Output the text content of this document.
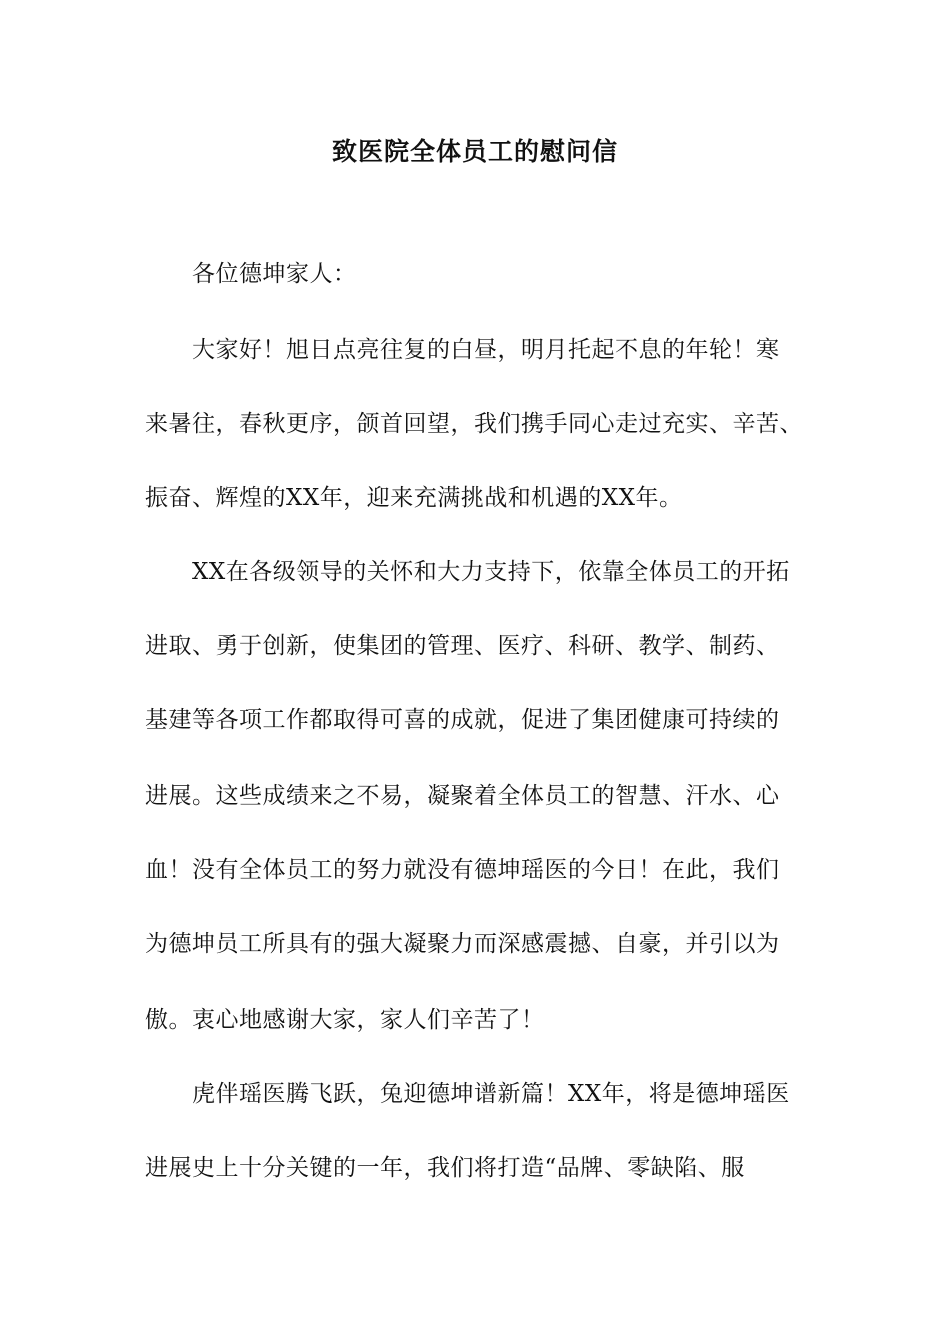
致医院全体员工的慰问信
各位德坤家人：
大家好！旭日点亮往复的白昼，明月托起不息的年轮！寒
来暑往，春秋更序，颌首回望，我们携手同心走过充实、辛苦、
振奋、辉煌的XX年，迎来充满挑战和机遇的XX年。
XX在各级领导的关怀和大力支持下，依靠全体员工的开拓
进取、勇于创新，使集团的管理、医疗、科研、教学、制药、
基建等各项工作都取得可喜的成就，促进了集团健康可持续的
进展。这些成绩来之不易，凝聚着全体员工的智慧、汗水、心
血！没有全体员工的努力就没有德坤瑶医的今日！在此，我们
为德坤员工所具有的强大凝聚力而深感震撼、自豪，并引以为
傲。衷心地感谢大家，家人们辛苦了！
虎伴瑶医腾飞跃，兔迎德坤谱新篇！XX年，将是德坤瑶医
进展史上十分关键的一年，我们将打造“品牌、零缺陷、服
